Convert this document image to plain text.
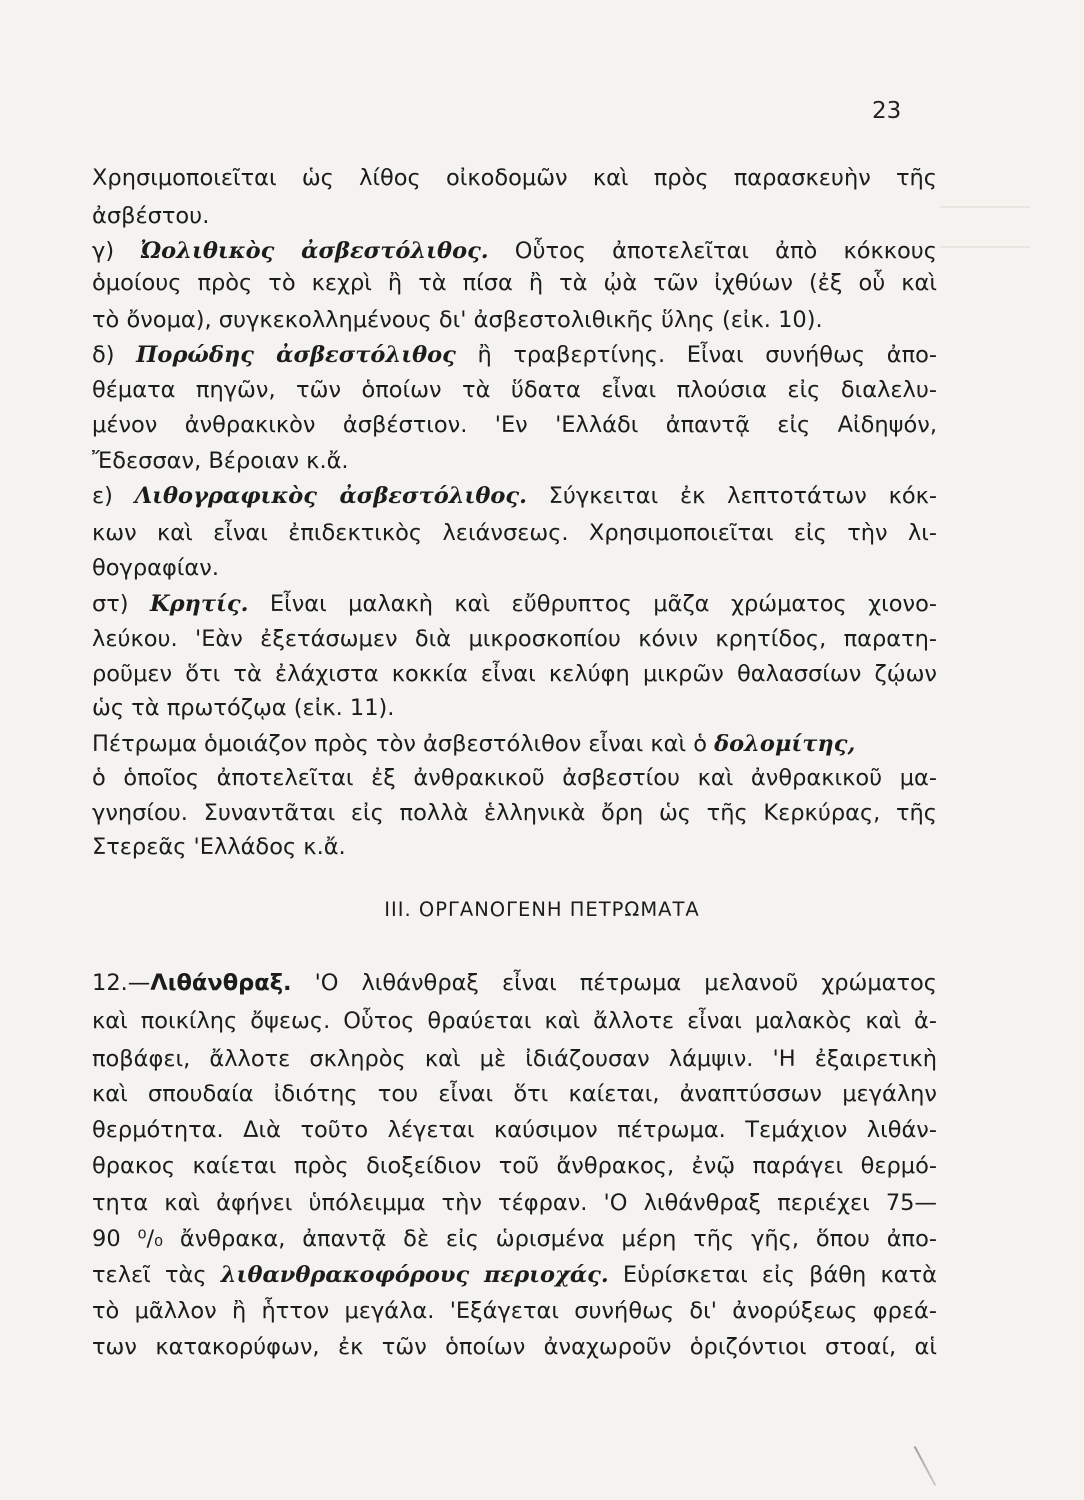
23
Χρησιμοποιεῖται ὡς λίθος οἰκοδομῶν καὶ πρὸς παρασκευὴν τῆς
ἀσβέστου.
γ) Ὠολιθικὸς ἀσβεστόλιθος. Οὗτος ἀποτελεῖται ἀπὸ κόκκους
ὁμοίους πρὸς τὸ κεχρὶ ἢ τὰ πίσα ἢ τὰ ᾠὰ τῶν ἰχθύων (ἐξ οὗ καὶ
τὸ ὄνομα), συγκεκολλημένους δι' ἀσβεστολιθικῆς ὕλης (εἰκ. 10).
δ) Πορώδης ἀσβεστόλιθος ἢ τραβερτίνης. Εἶναι συνήθως ἀπο-
θέματα πηγῶν, τῶν ὁποίων τὰ ὕδατα εἶναι πλούσια εἰς διαλελυ-
μένον ἀνθρακικὸν ἀσβέστιον. 'Εν 'Ελλάδι ἀπαντᾷ εἰς Αἰδηψόν,
Ἔδεσσαν, Βέροιαν κ.ἄ.
ε) Λιθογραφικὸς ἀσβεστόλιθος. Σύγκειται ἐκ λεπτοτάτων κόκ-
κων καὶ εἶναι ἐπιδεκτικὸς λειάνσεως. Χρησιμοποιεῖται εἰς τὴν λι-
θογραφίαν.
στ) Κρητίς. Εἶναι μαλακὴ καὶ εὔθρυπτος μᾶζα χρώματος χιονο-
λεύκου. 'Εὰν ἐξετάσωμεν διὰ μικροσκοπίου κόνιν κρητίδος, παρατη-
ροῦμεν ὅτι τὰ ἐλάχιστα κοκκία εἶναι κελύφη μικρῶν θαλασσίων ζῴων
ὡς τὰ πρωτόζῳα (εἰκ. 11).
Πέτρωμα ὁμοιάζον πρὸς τὸν ἀσβεστόλιθον εἶναι καὶ ὁ δολομίτης,
ὁ ὁποῖος ἀποτελεῖται ἐξ ἀνθρακικοῦ ἀσβεστίου καὶ ἀνθρακικοῦ μα-
γνησίου. Συναντᾶται εἰς πολλὰ ἑλληνικὰ ὄρη ὡς τῆς Κερκύρας, τῆς
Στερεᾶς 'Ελλάδος κ.ἄ.
III. ΟΡΓΑΝΟΓΕΝΗ ΠΕΤΡΩΜΑΤΑ
12.—Λιθάνθραξ. 'Ο λιθάνθραξ εἶναι πέτρωμα μελανοῦ χρώματος
καὶ ποικίλης ὄψεως. Οὗτος θραύεται καὶ ἄλλοτε εἶναι μαλακὸς καὶ ἀ-
ποβάφει, ἄλλοτε σκληρὸς καὶ μὲ ἰδιάζουσαν λάμψιν. 'Η ἐξαιρετικὴ
καὶ σπουδαία ἰδιότης του εἶναι ὅτι καίεται, ἀναπτύσσων μεγάλην
θερμότητα. Διὰ τοῦτο λέγεται καύσιμον πέτρωμα. Τεμάχιον λιθάν-
θρακος καίεται πρὸς διοξείδιον τοῦ ἄνθρακος, ἐνῷ παράγει θερμό-
τητα καὶ ἀφήνει ὑπόλειμμα τὴν τέφραν. 'Ο λιθάνθραξ περιέχει 75—
90 ⁰/₀ ἄνθρακα, ἀπαντᾷ δὲ εἰς ὡρισμένα μέρη τῆς γῆς, ὅπου ἀπο-
τελεῖ τὰς λιθανθρακοφόρους περιοχάς. Εὑρίσκεται εἰς βάθη κατὰ
τὸ μᾶλλον ἢ ἧττον μεγάλα. 'Εξάγεται συνήθως δι' ἀνορύξεως φρεά-
των κατακορύφων, ἐκ τῶν ὁποίων ἀναχωροῦν ὁριζόντιοι στοαί, αἱ
